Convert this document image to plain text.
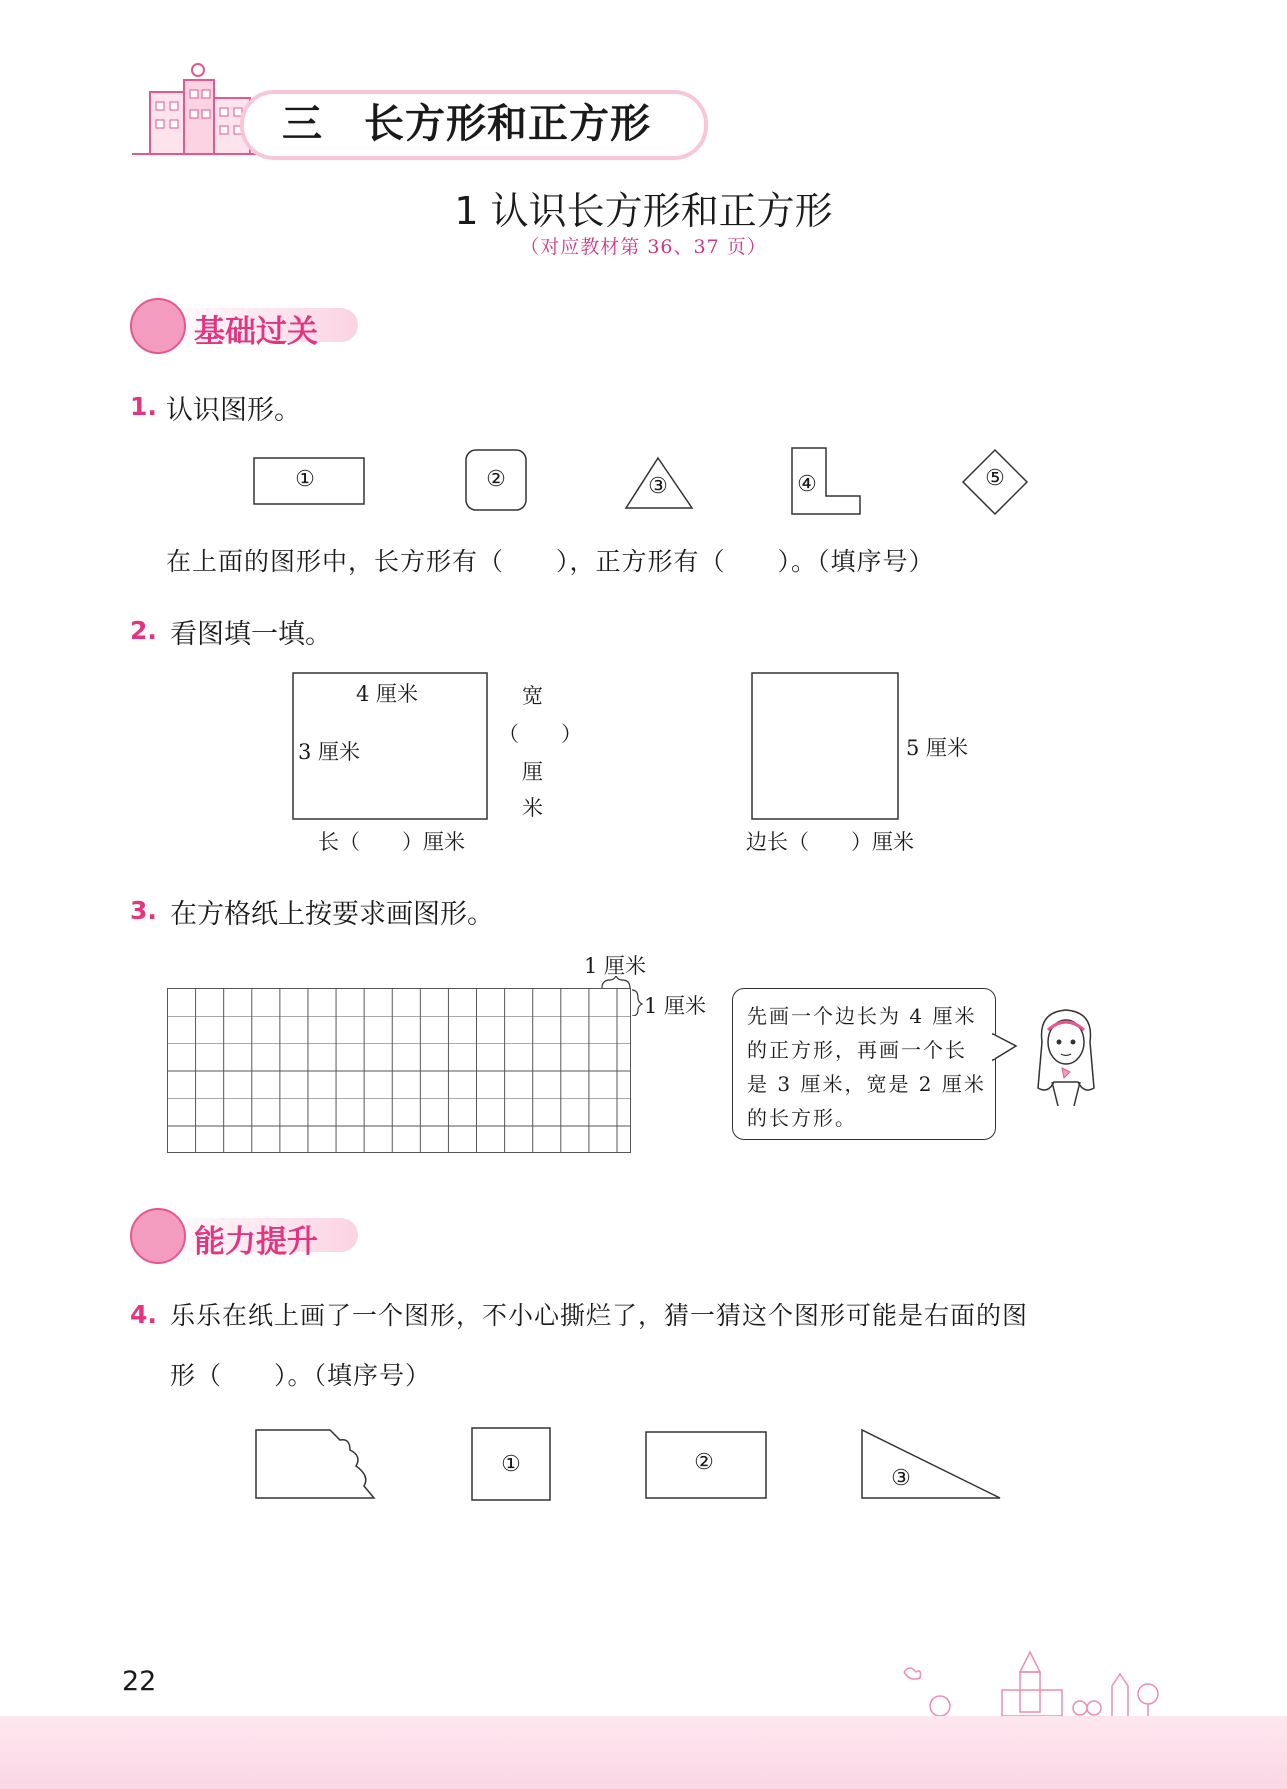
三　长方形和正方形
1 认识长方形和正方形
（对应教材第 36、37 页）
基础过关
1. 认识图形。
①	②	③	④	⑤
在上面的图形中，长方形有（　　），正方形有（　　）。（填序号）
2. 看图填一填。
4 厘米
3 厘米
长（　　）厘米
宽
（　　）
厘
米
5 厘米
边长（　　）厘米
3. 在方格纸上按要求画图形。
1 厘米
1 厘米 先画一个边长为 4 厘米的正方形，再画一个长是 3 厘米，宽是 2 厘米的长方形。
能力提升
4. 乐乐在纸上画了一个图形，不小心撕烂了，猜一猜这个图形可能是右面的图
形（　　）。（填序号）
①	②
③
22
